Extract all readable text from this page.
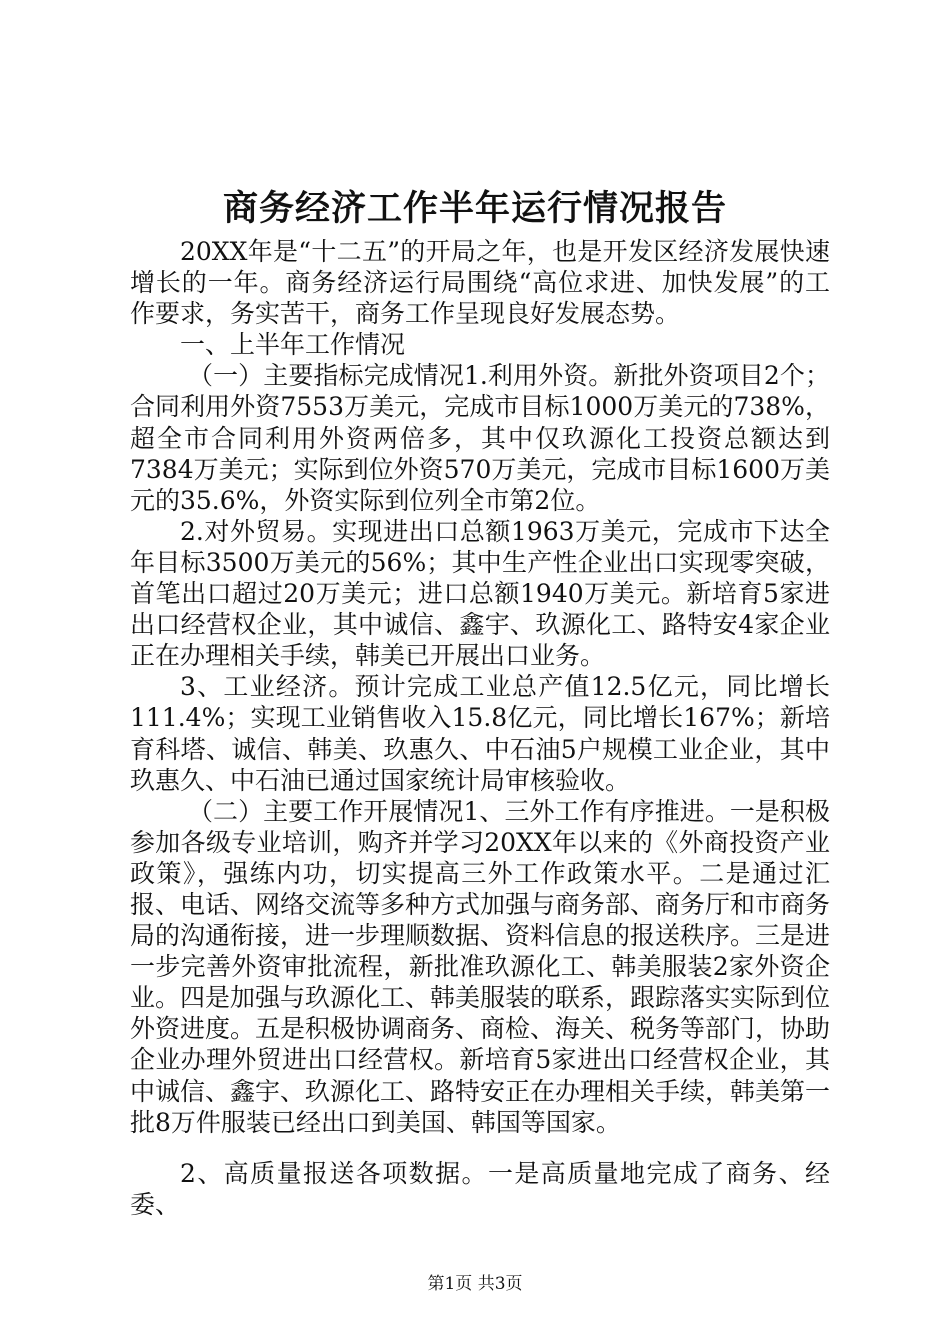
商务经济工作半年运行情况报告

20XX年是“十二五”的开局之年，也是开发区经济发展快速增长的一年。商务经济运行局围绕“高位求进、加快发展”的工作要求，务实苦干，商务工作呈现良好发展态势。

一、上半年工作情况

（一）主要指标完成情况1.利用外资。新批外资项目2个；合同利用外资7553万美元，完成市目标1000万美元的738%，超全市合同利用外资两倍多，其中仅玖源化工投资总额达到7384万美元；实际到位外资570万美元，完成市目标1600万美元的35.6%，外资实际到位列全市第2位。

2.对外贸易。实现进出口总额1963万美元，完成市下达全年目标3500万美元的56%；其中生产性企业出口实现零突破，首笔出口超过20万美元；进口总额1940万美元。新培育5家进出口经营权企业，其中诚信、鑫宇、玖源化工、路特安4家企业正在办理相关手续，韩美已开展出口业务。

3、工业经济。预计完成工业总产值12.5亿元，同比增长111.4%；实现工业销售收入15.8亿元，同比增长167%；新培育科塔、诚信、韩美、玖惠久、中石油5户规模工业企业，其中玖惠久、中石油已通过国家统计局审核验收。

（二）主要工作开展情况1、三外工作有序推进。一是积极参加各级专业培训，购齐并学习20XX年以来的《外商投资产业政策》，强练内功，切实提高三外工作政策水平。二是通过汇报、电话、网络交流等多种方式加强与商务部、商务厅和市商务局的沟通衔接，进一步理顺数据、资料信息的报送秩序。三是进一步完善外资审批流程，新批准玖源化工、韩美服装2家外资企业。四是加强与玖源化工、韩美服装的联系，跟踪落实实际到位外资进度。五是积极协调商务、商检、海关、税务等部门，协助企业办理外贸进出口经营权。新培育5家进出口经营权企业，其中诚信、鑫宇、玖源化工、路特安正在办理相关手续，韩美第一批8万件服装已经出口到美国、韩国等国家。

2、高质量报送各项数据。一是高质量地完成了商务、经委、

第1页 共3页
